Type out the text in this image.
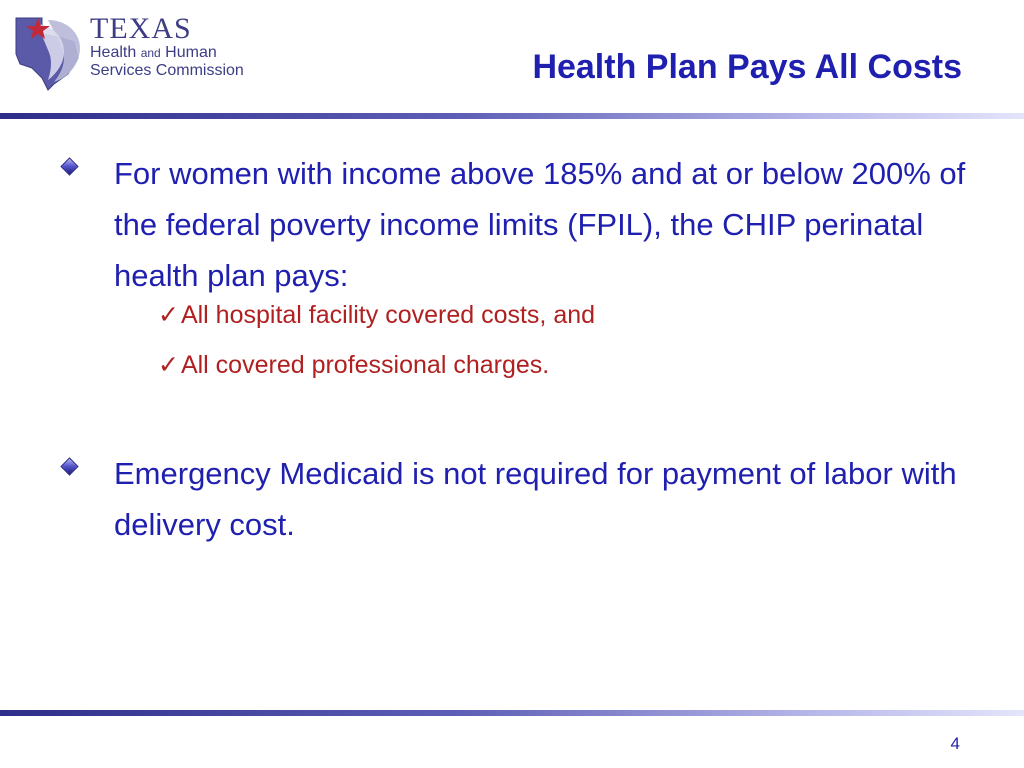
TEXAS
Health and Human
Services Commission	Health Plan Pays All Costs
For women with income above 185% and at or below 200% of the federal poverty income limits (FPIL), the CHIP perinatal health plan pays:
✓All hospital facility covered costs, and
✓All covered professional charges.
Emergency Medicaid is not required for payment of labor with delivery cost.
4
